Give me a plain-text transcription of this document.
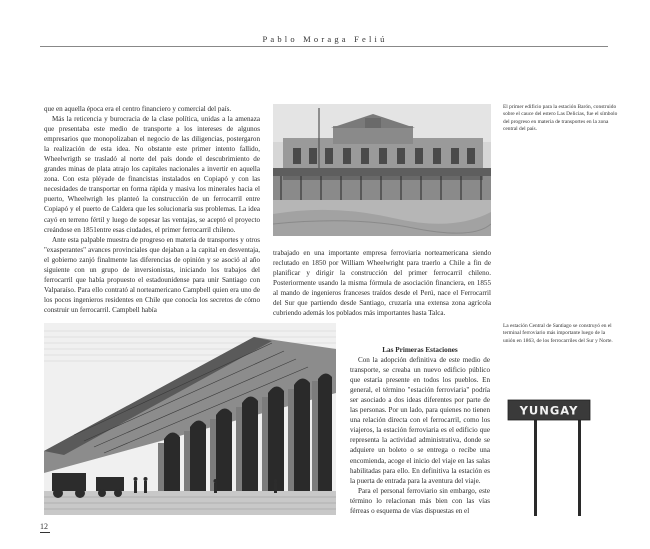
Pablo Moraga Feliú

que en aquella época era el centro financiero y comercial del país.

Más la reticencia y burocracia de la clase política, unidas a la amenaza que presentaba este medio de transporte a los intereses de algunos empresarios que monopolizaban el negocio de las diligencias, postergaron la realización de esta idea. No obstante este primer intento fallido, Wheelwrigth se trasladó al norte del país donde el descubrimiento de grandes minas de plata atrajo los capitales nacionales a invertir en aquella zona. Con esta pléyade de financistas instalados en Copiapó y con las necesidades de transportar en forma rápida y masiva los minerales hacia el puerto, Wheelwrigh les planteó la construcción de un ferrocarril entre Copiapó y el puerto de Caldera que les solucionaría sus problemas. La idea cayó en terreno fértil y luego de sopesar las ventajas, se aceptó el proyecto creándose en 1851entre esas ciudades, el primer ferrocarril chileno.

Ante esta palpable muestra de progreso en materia de transportes y otros "exasperantes" avances provinciales que dejaban a la capital en desventaja, el gobierno zanjó finalmente las diferencias de opinión y se asoció al año siguiente con un grupo de inversionistas, iniciando los trabajos del ferrocarril que había propuesto el estadounidense para unir Santiago con Valparaíso. Para ello contrató al norteamericano Campbell quien era uno de los pocos ingenieros residentes en Chile que conocía los secretos de cómo construir un ferrocarril. Campbell había

El primer edificio para la estación Barón, construido sobre el cauce del estero Las Delicias, fue el símbolo del progreso en materia de transportes en la zona central del país.

trabajado en una importante empresa ferroviaria norteamericana siendo reclutado en 1850 por William Wheelwright para traerlo a Chile a fin de planificar y dirigir la construcción del primer ferrocarril chileno. Posteriormente usando la misma fórmula de asociación financiera, en 1855 al mando de ingenieros franceses traídos desde el Perú, nace el Ferrocarril del Sur que partiendo desde Santiago, cruzaría una extensa zona agrícola cubriendo además los poblados más importantes hasta Talca.

La estación Central de Santiago se construyó en el terminal ferroviario más importante luego de la unión en 1863, de los ferrocarriles del Sur y Norte.

Las Primeras Estaciones

Con la adopción definitiva de este medio de transporte, se creaba un nuevo edificio público que estaría presente en todos los pueblos. En general, el término "estación ferroviaria" podría ser asociado a dos ideas diferentes por parte de las personas. Por un lado, para quienes no tienen una relación directa con el ferrocarril, como los viajeros, la estación ferroviaria es el edificio que representa la actividad administrativa, donde se adquiere un boleto o se entrega o recibe una encomienda, acoge el inicio del viaje en las salas habilitadas para ello. En definitiva la estación es la puerta de entrada para la aventura del viaje.

Para el personal ferroviario sin embargo, este término lo relacionan más bien con las vías férreas o esquema de vías dispuestas en el

YUNGAY
12
